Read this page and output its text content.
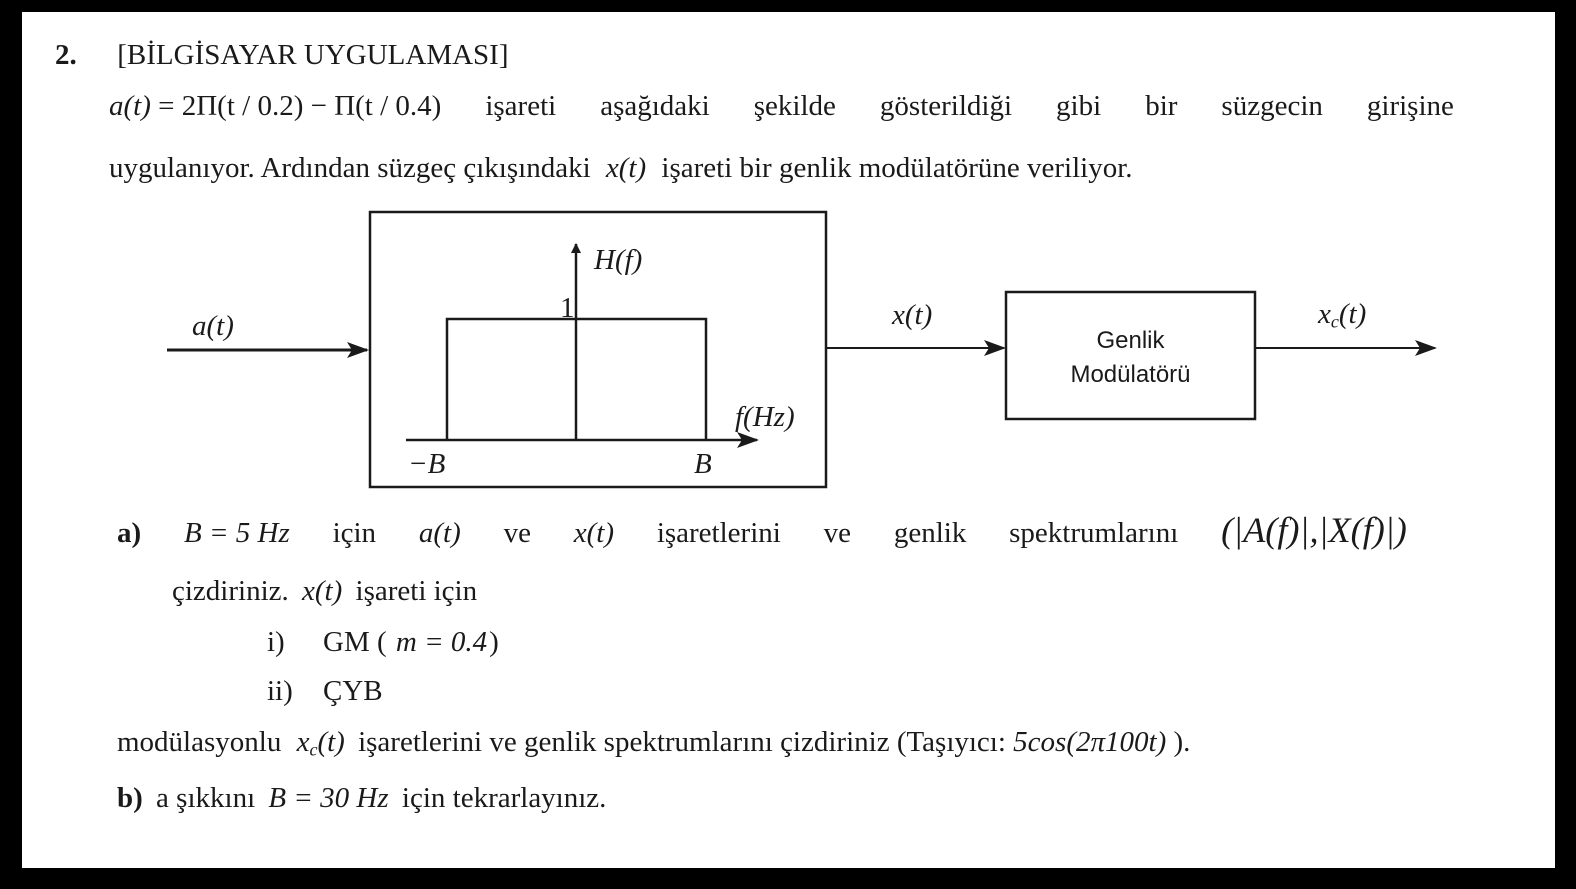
2. [BİLGİSAYAR UYGULAMASI]
a(t) = 2Π(t / 0.2) − Π(t / 0.4) işareti aşağıdaki şekilde gösterildiği gibi bir süzgecin girişine
uygulanıyor. Ardından süzgeç çıkışındaki x(t) işareti bir genlik modülatörüne veriliyor.
a(t)
H(f)
1
f(Hz)
−B	B
x(t)
Genlik
Modülatörü
$x_c(t)$
a) B = 5 Hz için a(t) ve x(t) işaretlerini ve genlik spektrumlarını (|A(f)|,|X(f)|)
çizdiriniz. x(t) işareti için
i) GM ( m = 0.4)
ii) ÇYB
modülasyonlu $x_c(t)$ işaretlerini ve genlik spektrumlarını çizdiriniz (Taşıyıcı: 5cos(2π100t) ).
b) a şıkkını B = 30 Hz için tekrarlayınız.
